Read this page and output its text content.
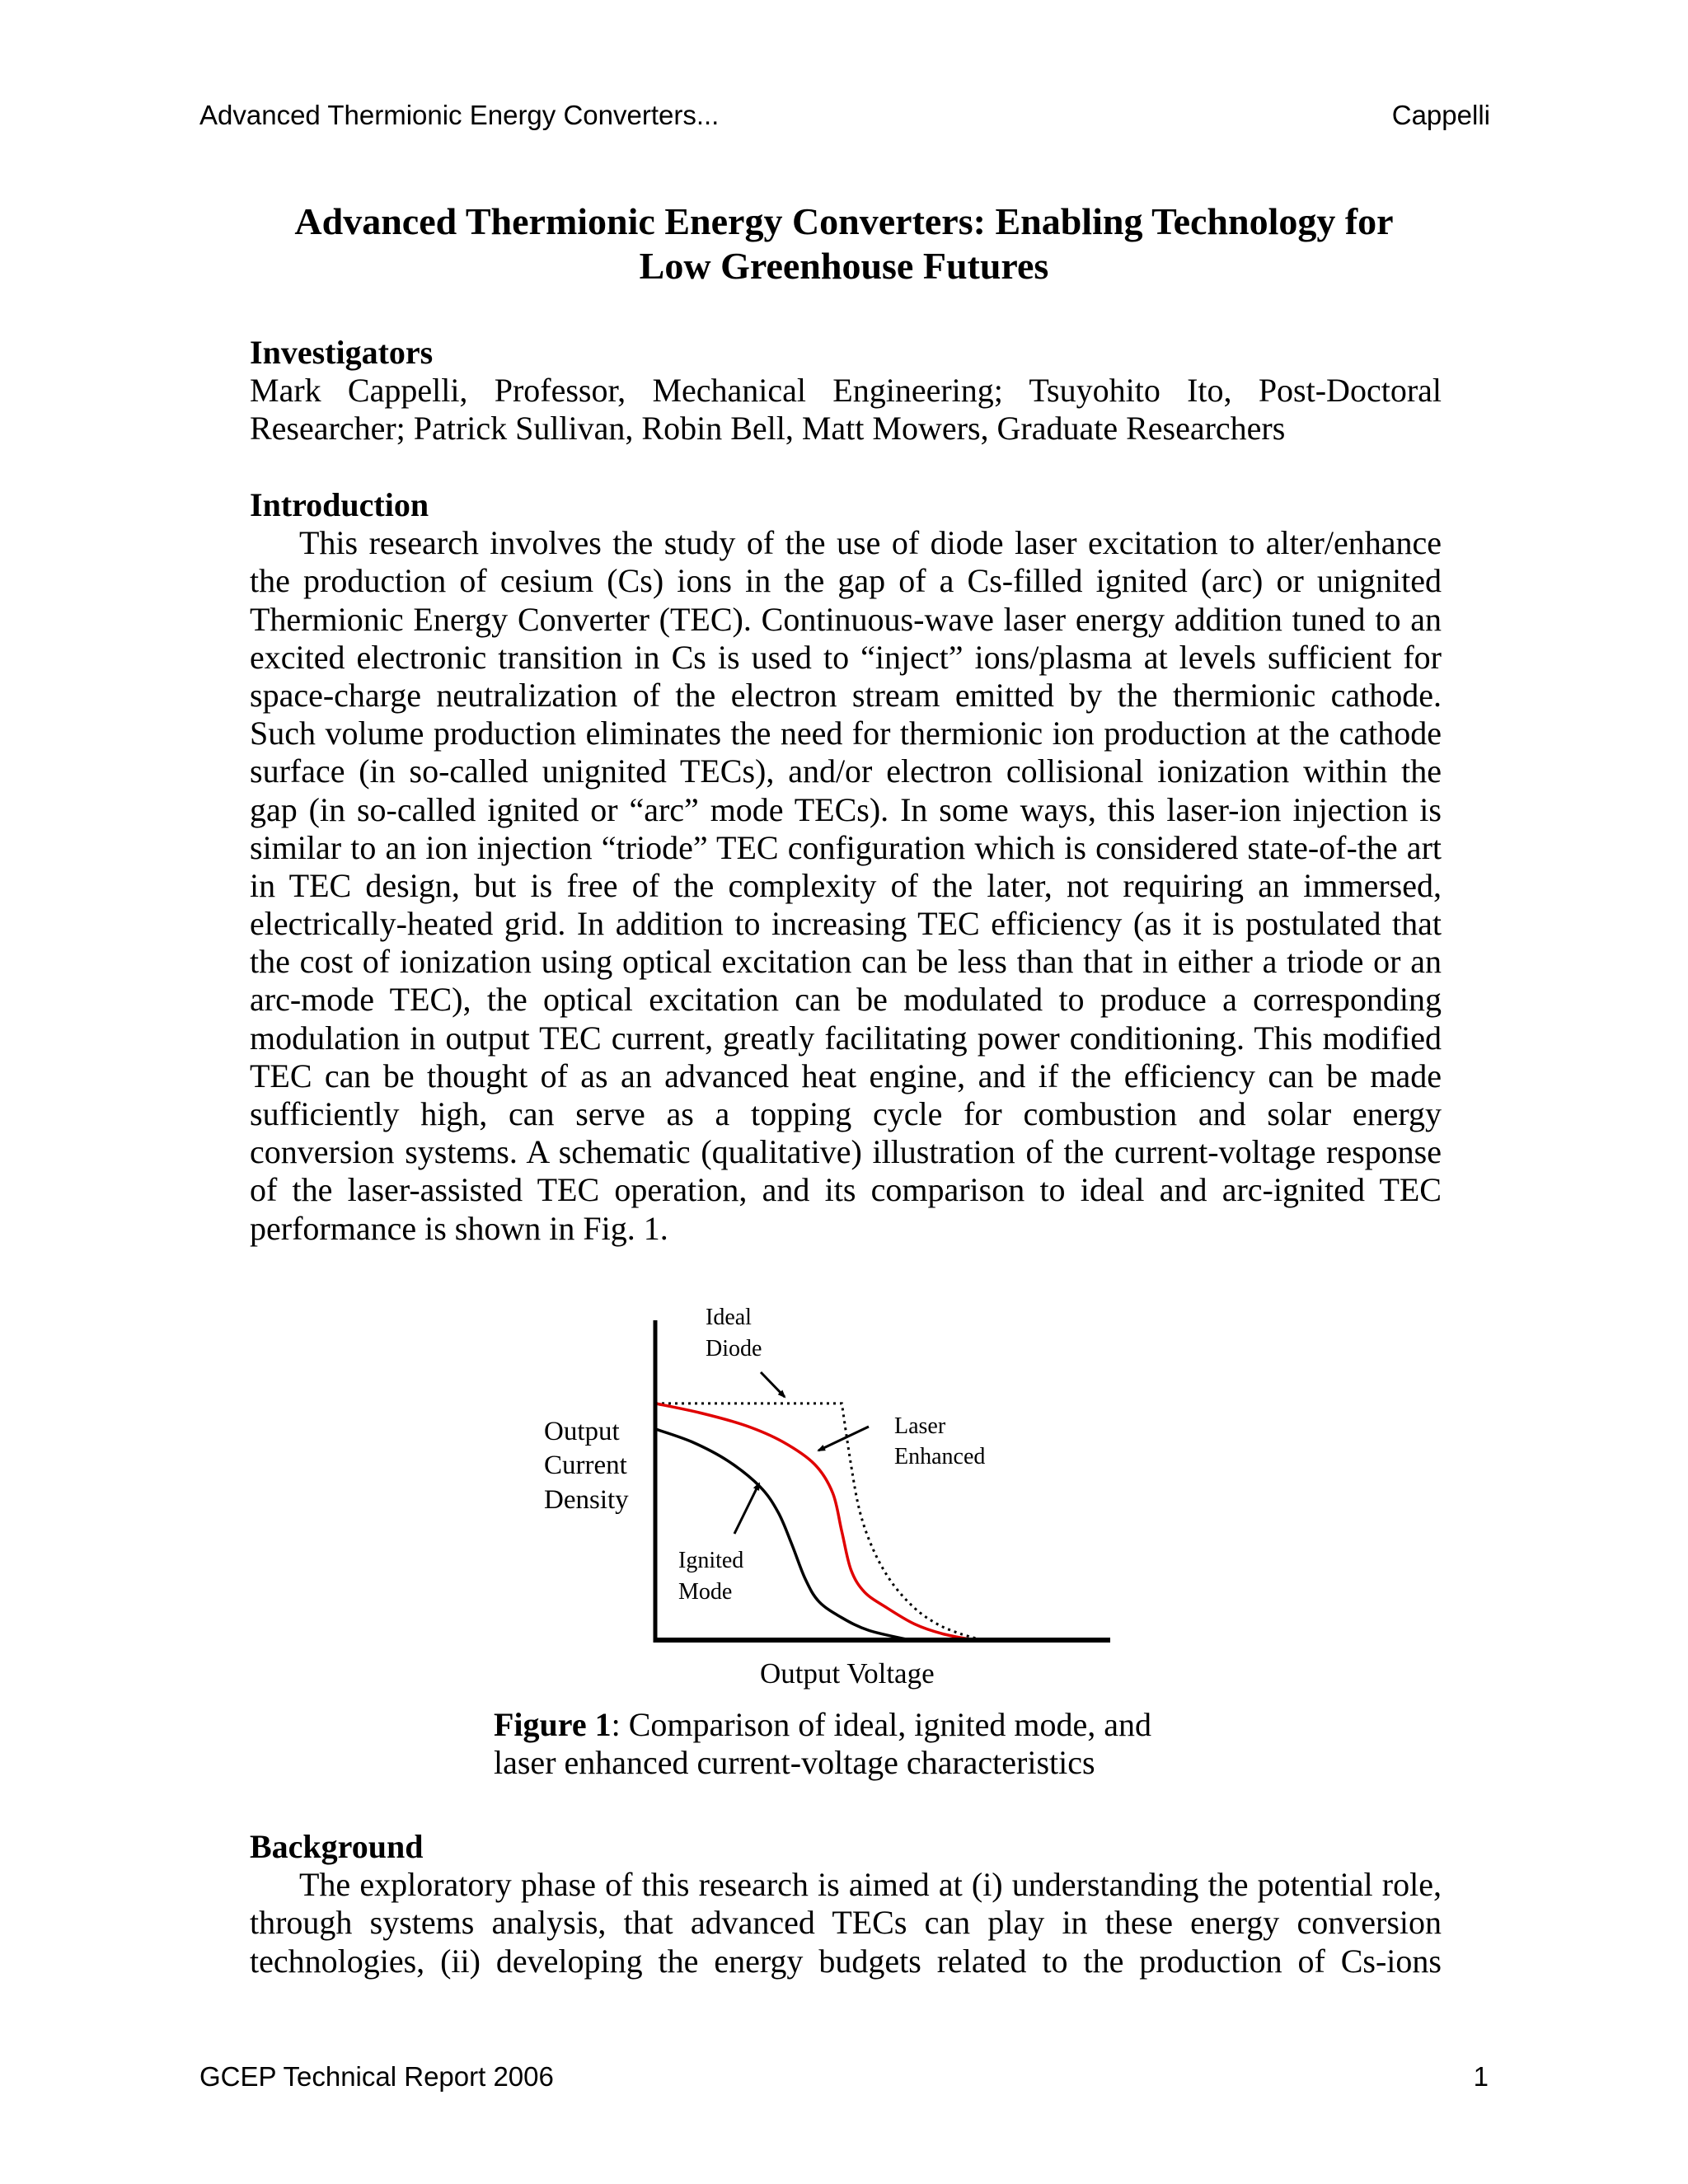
Advanced Thermionic Energy Converters...	Cappelli
Advanced Thermionic Energy Converters: Enabling Technology for
Low Greenhouse Futures
Investigators
Mark Cappelli, Professor, Mechanical Engineering; Tsuyohito Ito, Post-Doctoral
Researcher; Patrick Sullivan, Robin Bell, Matt Mowers, Graduate Researchers
Introduction
This research involves the study of the use of diode laser excitation to alter/enhance
the production of cesium (Cs) ions in the gap of a Cs-filled ignited (arc) or unignited
Thermionic Energy Converter (TEC). Continuous-wave laser energy addition tuned to an
excited electronic transition in Cs is used to “inject” ions/plasma at levels sufficient for
space-charge neutralization of the electron stream emitted by the thermionic cathode.
Such volume production eliminates the need for thermionic ion production at the cathode
surface (in so-called unignited TECs), and/or electron collisional ionization within the
gap (in so-called ignited or “arc” mode TECs). In some ways, this laser-ion injection is
similar to an ion injection “triode” TEC configuration which is considered state-of-the art
in TEC design, but is free of the complexity of the later, not requiring an immersed,
electrically-heated grid. In addition to increasing TEC efficiency (as it is postulated that
the cost of ionization using optical excitation can be less than that in either a triode or an
arc-mode TEC), the optical excitation can be modulated to produce a corresponding
modulation in output TEC current, greatly facilitating power conditioning. This modified
TEC can be thought of as an advanced heat engine, and if the efficiency can be made
sufficiently high, can serve as a topping cycle for combustion and solar energy
conversion systems. A schematic (qualitative) illustration of the current-voltage response
of the laser-assisted TEC operation, and its comparison to ideal and arc-ignited TEC
performance is shown in Fig. 1.
Output
Current
Density
Output Voltage
Ideal
Diode
Laser
Enhanced
Ignited
Mode
Figure 1: Comparison of ideal, ignited mode, and
laser enhanced current-voltage characteristics
Background
The exploratory phase of this research is aimed at (i) understanding the potential role,
through systems analysis, that advanced TECs can play in these energy conversion
technologies, (ii) developing the energy budgets related to the production of Cs-ions
GCEP Technical Report 2006	1
